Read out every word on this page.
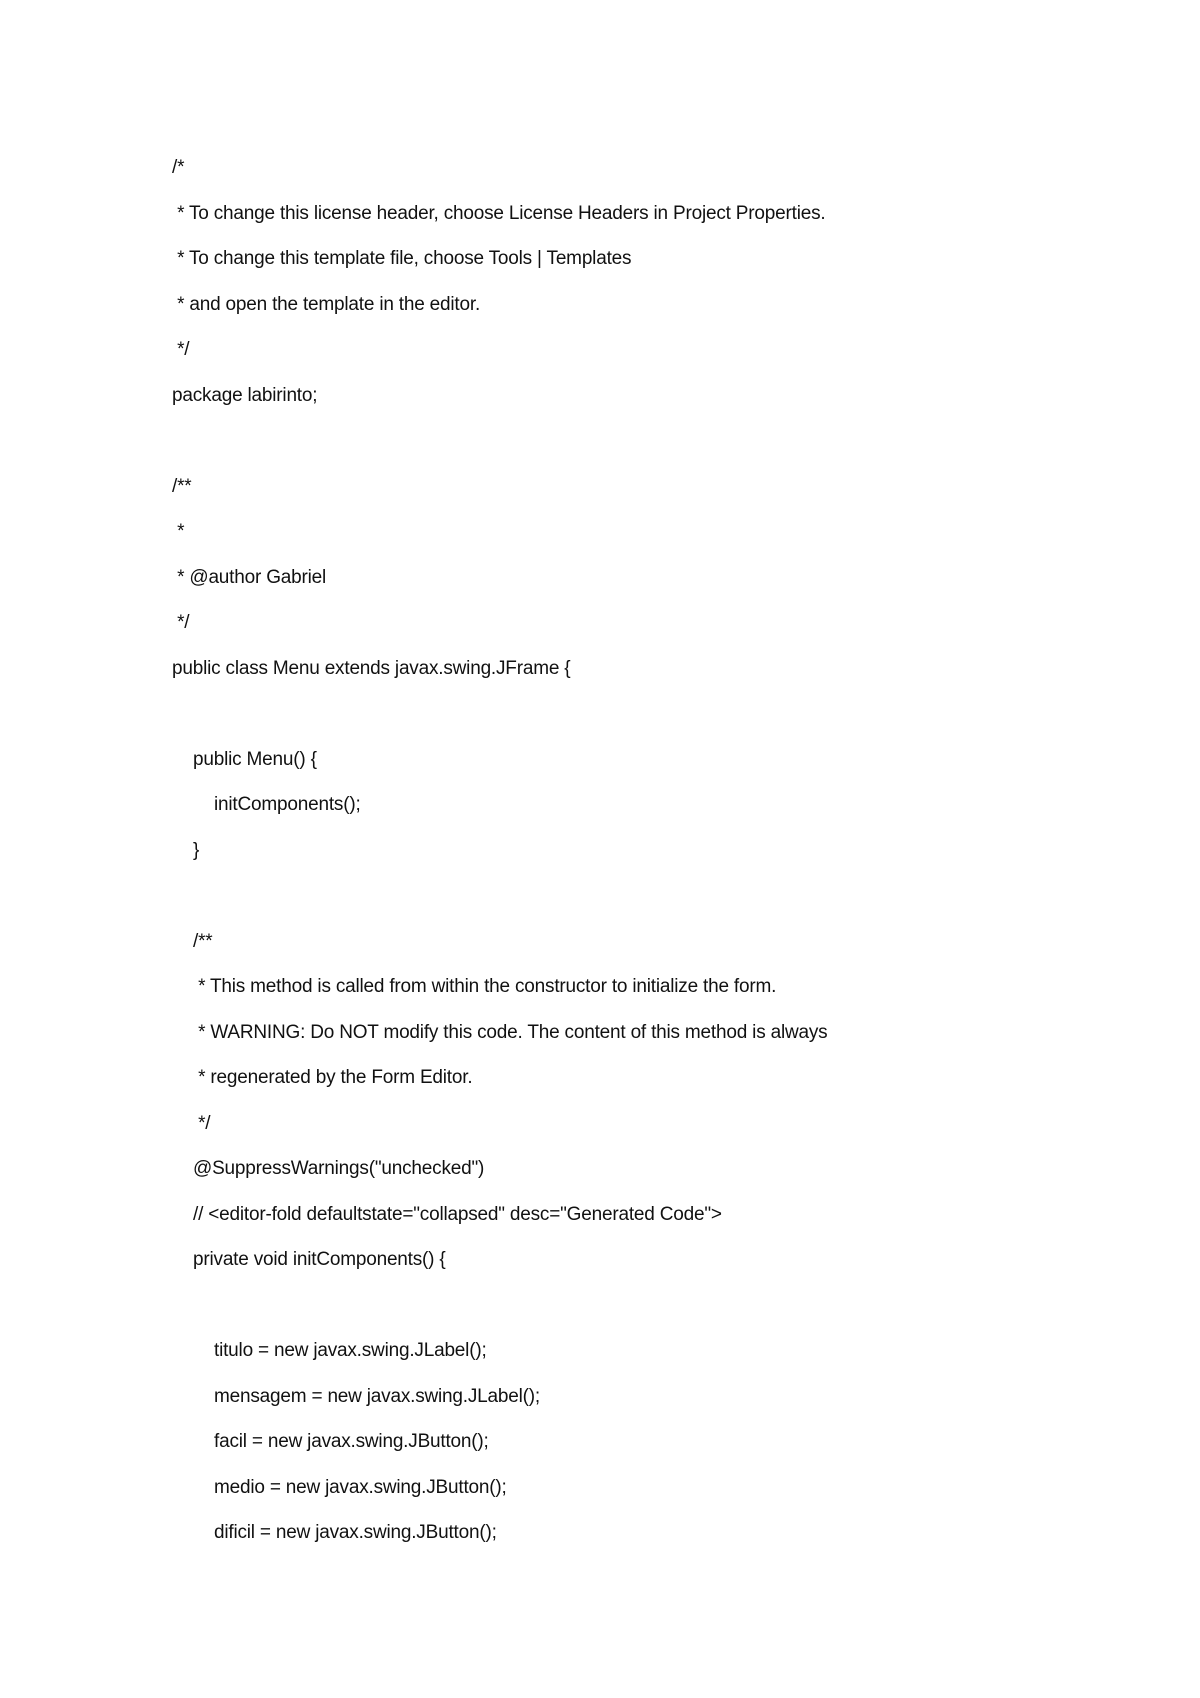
/*
* To change this license header, choose License Headers in Project Properties.
* To change this template file, choose Tools | Templates
* and open the template in the editor.
*/
package labirinto;
/**
*
* @author Gabriel
*/
public class Menu extends javax.swing.JFrame {
public Menu() {
initComponents();
}
/**
* This method is called from within the constructor to initialize the form.
* WARNING: Do NOT modify this code. The content of this method is always
* regenerated by the Form Editor.
*/
@SuppressWarnings("unchecked")
// <editor-fold defaultstate="collapsed" desc="Generated Code">
private void initComponents() {
titulo = new javax.swing.JLabel();
mensagem = new javax.swing.JLabel();
facil = new javax.swing.JButton();
medio = new javax.swing.JButton();
dificil = new javax.swing.JButton();
